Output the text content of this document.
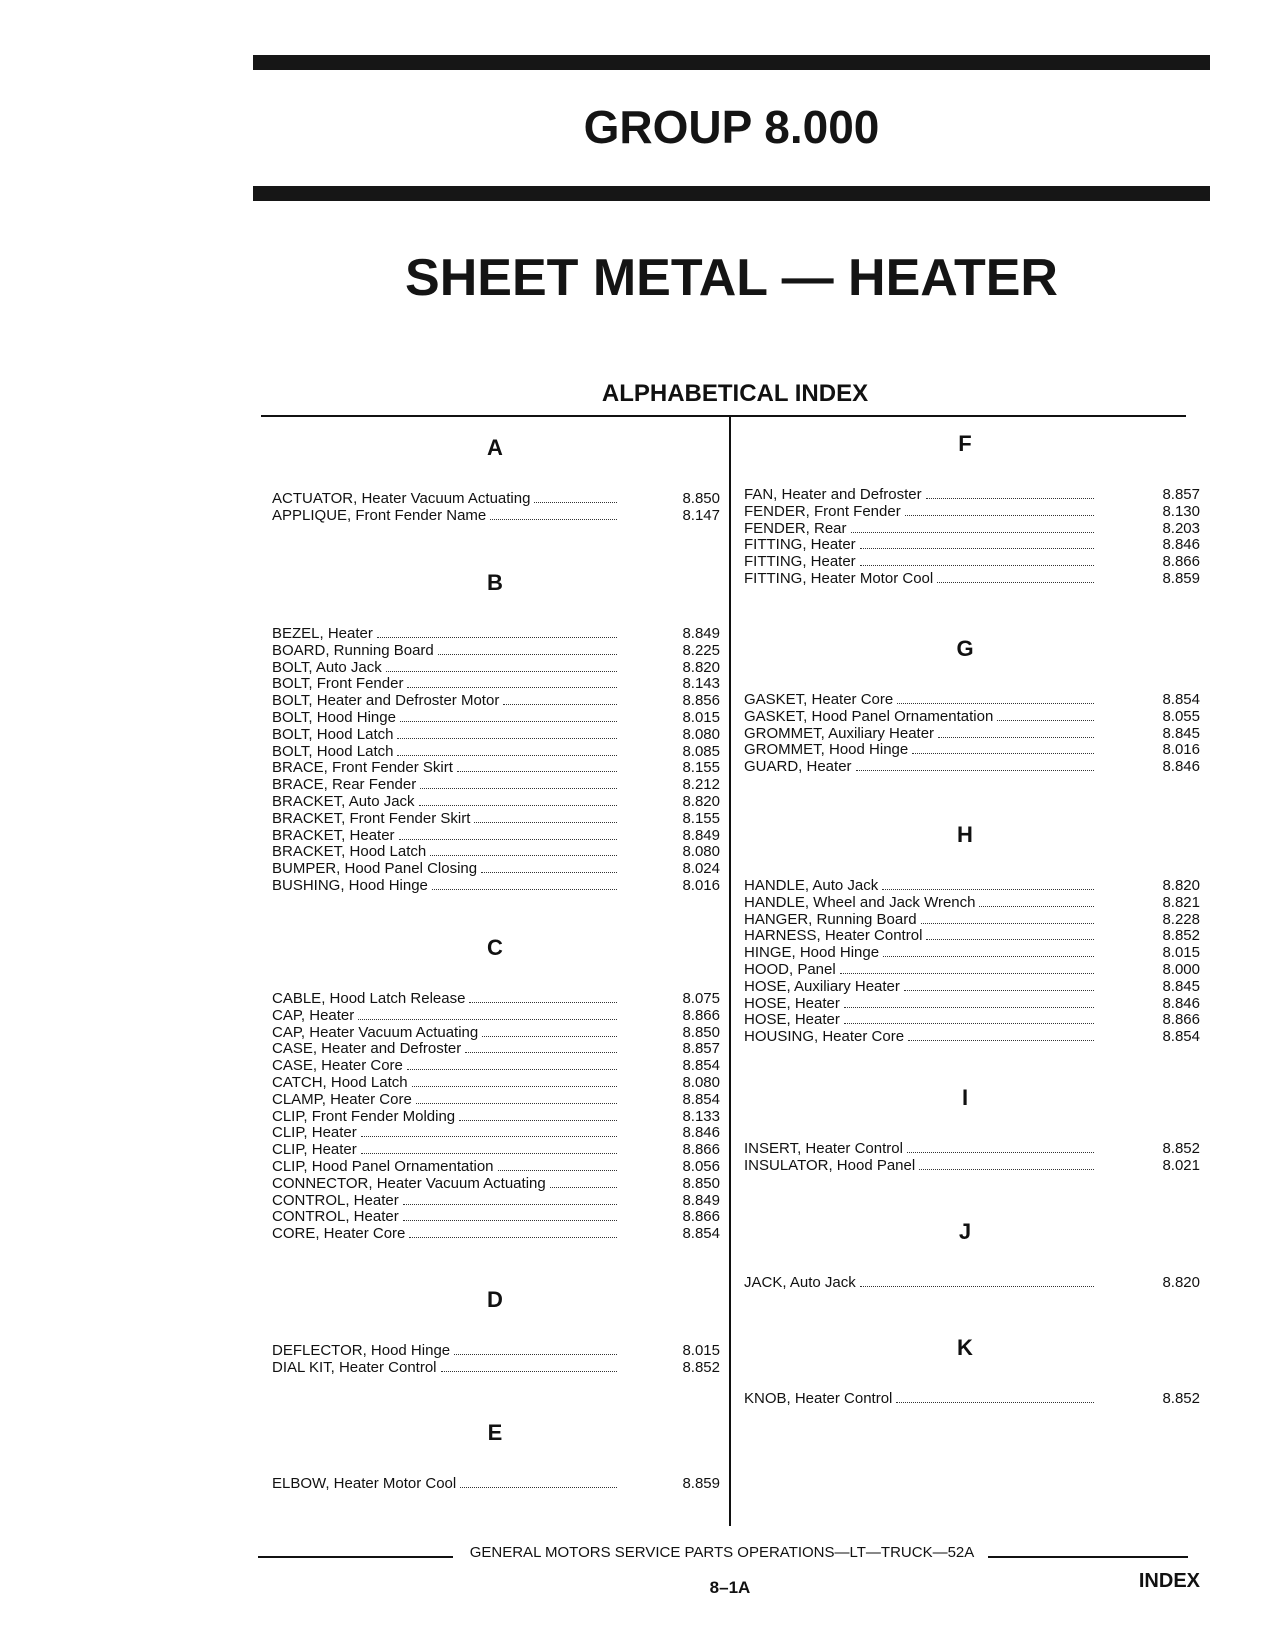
GROUP 8.000
SHEET METAL — HEATER
ALPHABETICAL INDEX
A
ACTUATOR, Heater Vacuum Actuating	8.850
APPLIQUE, Front Fender Name	8.147
B
BEZEL, Heater	8.849
BOARD, Running Board	8.225
BOLT, Auto Jack	8.820
BOLT, Front Fender	8.143
BOLT, Heater and Defroster Motor	8.856
BOLT, Hood Hinge	8.015
BOLT, Hood Latch	8.080
BOLT, Hood Latch	8.085
BRACE, Front Fender Skirt	8.155
BRACE, Rear Fender	8.212
BRACKET, Auto Jack	8.820
BRACKET, Front Fender Skirt	8.155
BRACKET, Heater	8.849
BRACKET, Hood Latch	8.080
BUMPER, Hood Panel Closing	8.024
BUSHING, Hood Hinge	8.016
C
CABLE, Hood Latch Release	8.075
CAP, Heater	8.866
CAP, Heater Vacuum Actuating	8.850
CASE, Heater and Defroster	8.857
CASE, Heater Core	8.854
CATCH, Hood Latch	8.080
CLAMP, Heater Core	8.854
CLIP, Front Fender Molding	8.133
CLIP, Heater	8.846
CLIP, Heater	8.866
CLIP, Hood Panel Ornamentation	8.056
CONNECTOR, Heater Vacuum Actuating	8.850
CONTROL, Heater	8.849
CONTROL, Heater	8.866
CORE, Heater Core	8.854
D
DEFLECTOR, Hood Hinge	8.015
DIAL KIT, Heater Control	8.852
E
ELBOW, Heater Motor Cool	8.859
F
FAN, Heater and Defroster	8.857
FENDER, Front Fender	8.130
FENDER, Rear	8.203
FITTING, Heater	8.846
FITTING, Heater	8.866
FITTING, Heater Motor Cool	8.859
G
GASKET, Heater Core	8.854
GASKET, Hood Panel Ornamentation	8.055
GROMMET, Auxiliary Heater	8.845
GROMMET, Hood Hinge	8.016
GUARD, Heater	8.846
H
HANDLE, Auto Jack	8.820
HANDLE, Wheel and Jack Wrench	8.821
HANGER, Running Board	8.228
HARNESS, Heater Control	8.852
HINGE, Hood Hinge	8.015
HOOD, Panel	8.000
HOSE, Auxiliary Heater	8.845
HOSE, Heater	8.846
HOSE, Heater	8.866
HOUSING, Heater Core	8.854
I
INSERT, Heater Control	8.852
INSULATOR, Hood Panel	8.021
J
JACK, Auto Jack	8.820
K
KNOB, Heater Control	8.852

GENERAL MOTORS SERVICE PARTS OPERATIONS—LT—TRUCK—52A

8–1A	INDEX
